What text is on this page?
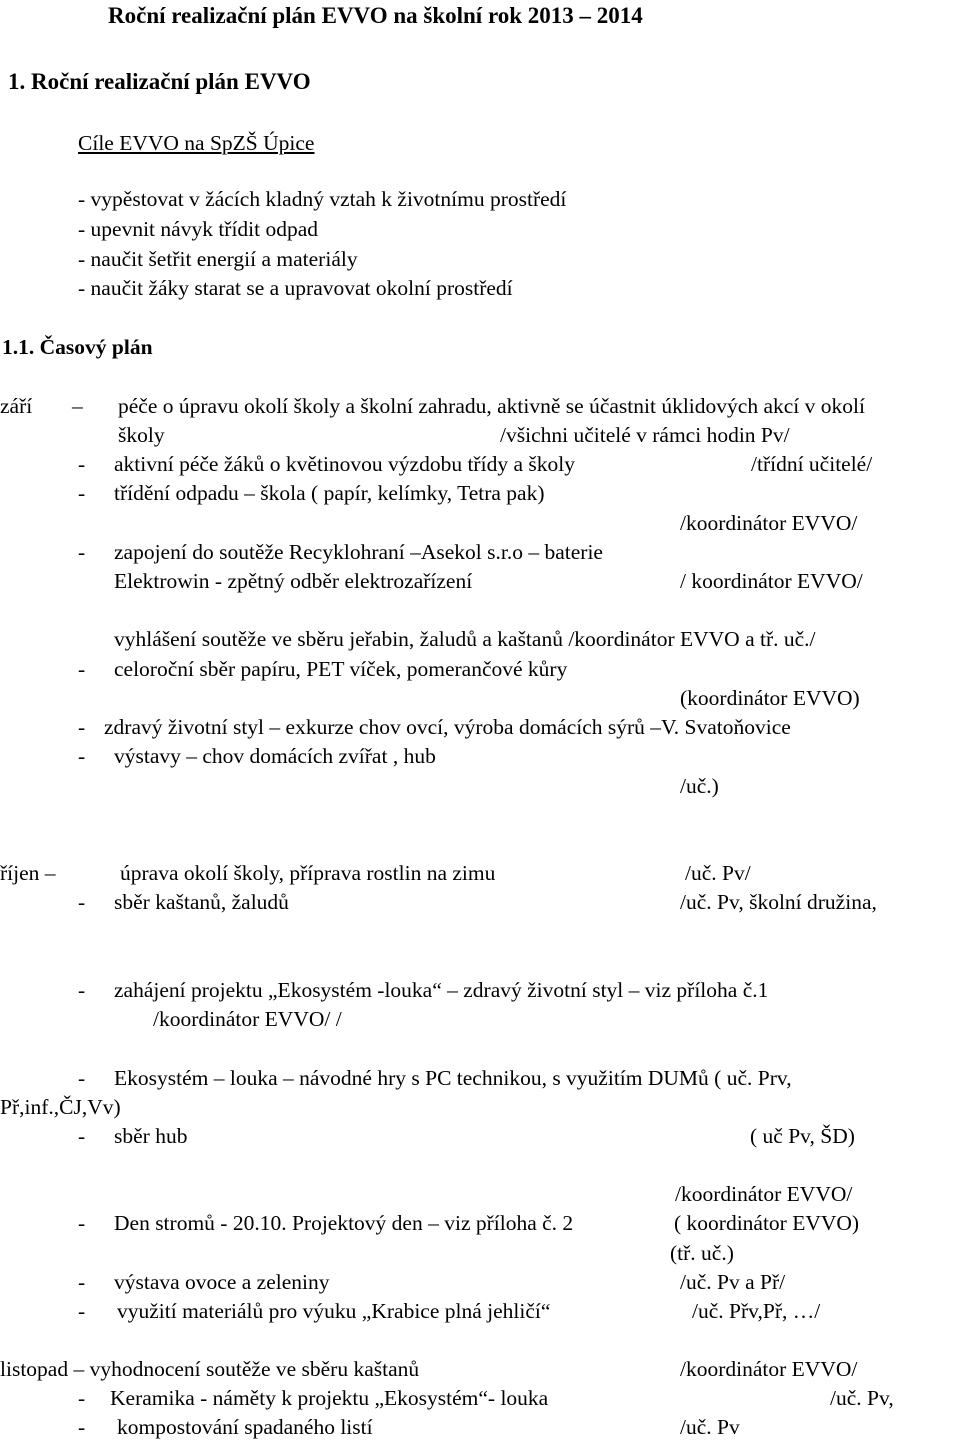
Roční realizační plán EVVO na školní rok 2013 – 2014
1. Roční realizační plán EVVO
Cíle EVVO na SpZŠ Úpice
- vypěstovat v žácích kladný vztah k životnímu prostředí
- upevnit návyk třídit odpad
- naučit šetřit energií a materiály
- naučit žáky starat se a upravovat okolní prostředí
1.1. Časový plán
září – péče o úpravu okolí školy a školní zahradu, aktivně se účastnit úklidových akcí v okolí
školy	/všichni učitelé v rámci hodin Pv/
- aktivní péče žáků o květinovou výzdobu třídy a školy	/třídní učitelé/
- třídění odpadu – škola ( papír, kelímky, Tetra pak)
/koordinátor EVVO/
- zapojení do soutěže Recyklohraní –Asekol s.r.o – baterie
Elektrowin - zpětný odběr elektrozařízení	/ koordinátor EVVO/
vyhlášení soutěže ve sběru jeřabin, žaludů a kaštanů /koordinátor EVVO a tř. uč./
- celoroční sběr papíru, PET víček, pomerančové kůry
(koordinátor EVVO)
- zdravý životní styl – exkurze chov ovcí, výroba domácích sýrů –V. Svatoňovice
- výstavy – chov domácích zvířat , hub
/uč.)
říjen –	úprava okolí školy, příprava rostlin na zimu	/uč. Pv/
- sběr kaštanů, žaludů	/uč. Pv, školní družina,
- zahájení projektu „Ekosystém -louka“ – zdravý životní styl – viz příloha č.1
/koordinátor EVVO/ /
- Ekosystém – louka – návodné hry s PC technikou, s využitím DUMů ( uč. Prv,
Př,inf.,ČJ,Vv)
- sběr hub	( uč Pv, ŠD)
/koordinátor EVVO/
- Den stromů - 20.10. Projektový den – viz příloha č. 2	( koordinátor EVVO)
(tř. uč.)
- výstava ovoce a zeleniny	/uč. Pv a Př/
- využití materiálů pro výuku „Krabice plná jehličí“	/uč. Přv,Př, …/
listopad – vyhodnocení soutěže ve sběru kaštanů	/koordinátor EVVO/
- Keramika - náměty k projektu „Ekosystém“- louka	/uč. Pv,
- kompostování spadaného listí	/uč. Pv
